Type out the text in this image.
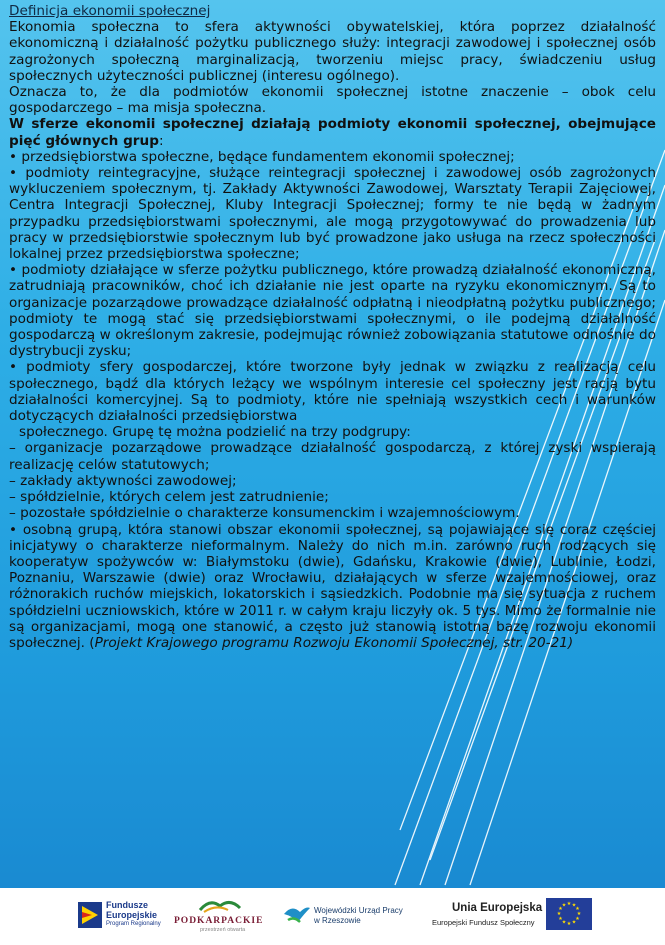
Definicja ekonomii społecznej

Ekonomia społeczna to sfera aktywności obywatelskiej, która poprzez działalność ekonomiczną i działalność pożytku publicznego służy: integracji zawodowej i społecznej osób zagrożonych społeczną marginalizacją, tworzeniu miejsc pracy, świadczeniu usług społecznych użyteczności publicznej (interesu ogólnego).

Oznacza to, że dla podmiotów ekonomii społecznej istotne znaczenie – obok celu gospodarczego – ma misja społeczna.

W sferze ekonomii społecznej działają podmioty ekonomii społecznej, obejmujące pięć głównych grup:

• przedsiębiorstwa społeczne, będące fundamentem ekonomii społecznej;

• podmioty reintegracyjne, służące reintegracji społecznej i zawodowej osób zagrożonych wykluczeniem społecznym, tj. Zakłady Aktywności Zawodowej, Warsztaty Terapii Zajęciowej, Centra Integracji Społecznej, Kluby Integracji Społecznej; formy te nie będą w żadnym przypadku przedsiębiorstwami społecznymi, ale mogą przygotowywać do prowadzenia lub pracy w przedsiębiorstwie społecznym lub być prowadzone jako usługa na rzecz społeczności lokalnej przez przedsiębiorstwa społeczne;

• podmioty działające w sferze pożytku publicznego, które prowadzą działalność ekonomiczną, zatrudniają pracowników, choć ich działanie nie jest oparte na ryzyku ekonomicznym. Są to organizacje pozarządowe prowadzące działalność odpłatną i nieodpłatną pożytku publicznego; podmioty te mogą stać się przedsiębiorstwami społecznymi, o ile podejmą działalność gospodarczą w określonym zakresie, podejmując również zobowiązania statutowe odnośnie do dystrybucji zysku;

• podmioty sfery gospodarczej, które tworzone były jednak w związku z realizacją celu społecznego, bądź dla których leżący we wspólnym interesie cel społeczny jest racją bytu działalności komercyjnej. Są to podmioty, które nie spełniają wszystkich cech i warunków dotyczących działalności przedsiębiorstwa

społecznego. Grupę tę można podzielić na trzy podgrupy:

– organizacje pozarządowe prowadzące działalność gospodarczą, z której zyski wspierają realizację celów statutowych;

– zakłady aktywności zawodowej;

– spółdzielnie, których celem jest zatrudnienie;

– pozostałe spółdzielnie o charakterze konsumenckim i wzajemnościowym.

• osobną grupą, która stanowi obszar ekonomii społecznej, są pojawiające się coraz częściej inicjatywy o charakterze nieformalnym. Należy do nich m.in. zarówno ruch rodzących się kooperatyw spożywców w: Białymstoku (dwie), Gdańsku, Krakowie (dwie), Lublinie, Łodzi, Poznaniu, Warszawie (dwie) oraz Wrocławiu, działających w sferze wzajemnościowej, oraz różnorakich ruchów miejskich, lokatorskich i sąsiedzkich. Podobnie ma się sytuacja z ruchem spółdzielni uczniowskich, które w 2011 r. w całym kraju liczyły ok. 5 tys. Mimo że formalnie nie są organizacjami, mogą one stanowić, a często już stanowią istotną bazę rozwoju ekonomii społecznej. (Projekt Krajowego programu Rozwoju Ekonomii Społecznej, str. 20-21)

Fundusze
Europejskie
Program Regionalny PODKARPACKIE
przestrzeń otwarta
Wojewódzki Urząd Pracy
w Rzeszowie
Unia Europejska
Europejski Fundusz Społeczny
★ ★
★
★
★
★
★
★
★
★
★
★
